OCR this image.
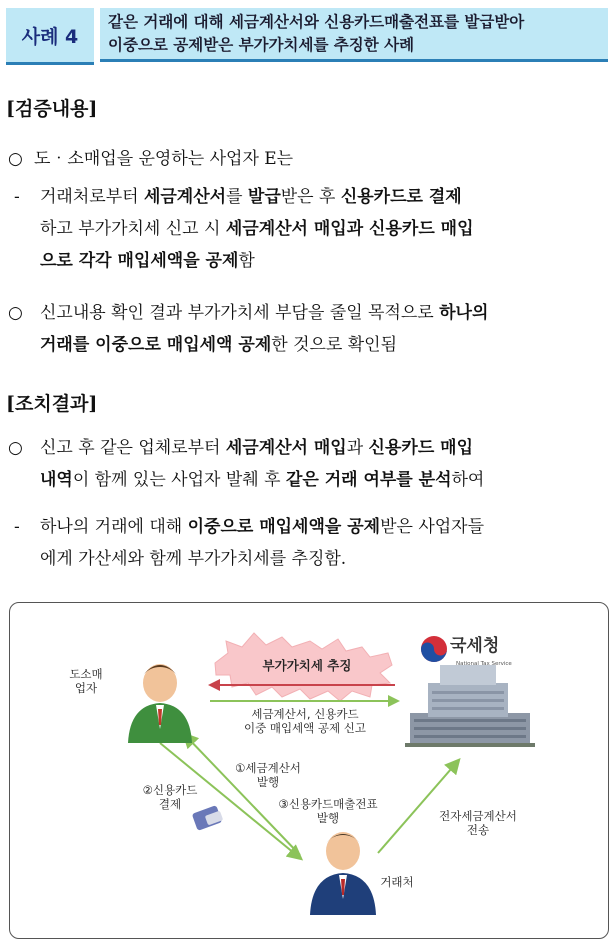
사례 4
같은 거래에 대해 세금계산서와 신용카드매출전표를 발급받아
이중으로 공제받은 부가가치세를 추징한 사례
[검증내용]
○ 도‧소매업을 운영하는 사업자 E는
- 거래처로부터 세금계산서를 발급받은 후 신용카드로 결제
하고 부가가치세 신고 시 세금계산서 매입과 신용카드 매입
으로 각각 매입세액을 공제함
○ 신고내용 확인 결과 부가가치세 부담을 줄일 목적으로 하나의
거래를 이중으로 매입세액 공제한 것으로 확인됨
[조치결과]
○ 신고 후 같은 업체로부터 세금계산서 매입과 신용카드 매입
내역이 함께 있는 사업자 발췌 후 같은 거래 여부를 분석하여
- 하나의 거래에 대해 이중으로 매입세액을 공제받은 사업자들
에게 가산세와 함께 부가가치세를 추징함.
도소매
업자
국세청
National Tax Service
부가가치세 추징
세금계산서, 신용카드
이중 매입세액 공제 신고
①세금계산서
발행
②신용카드
결제	③신용카드매출전표
발행	전자세금계산서
전송
거래처
